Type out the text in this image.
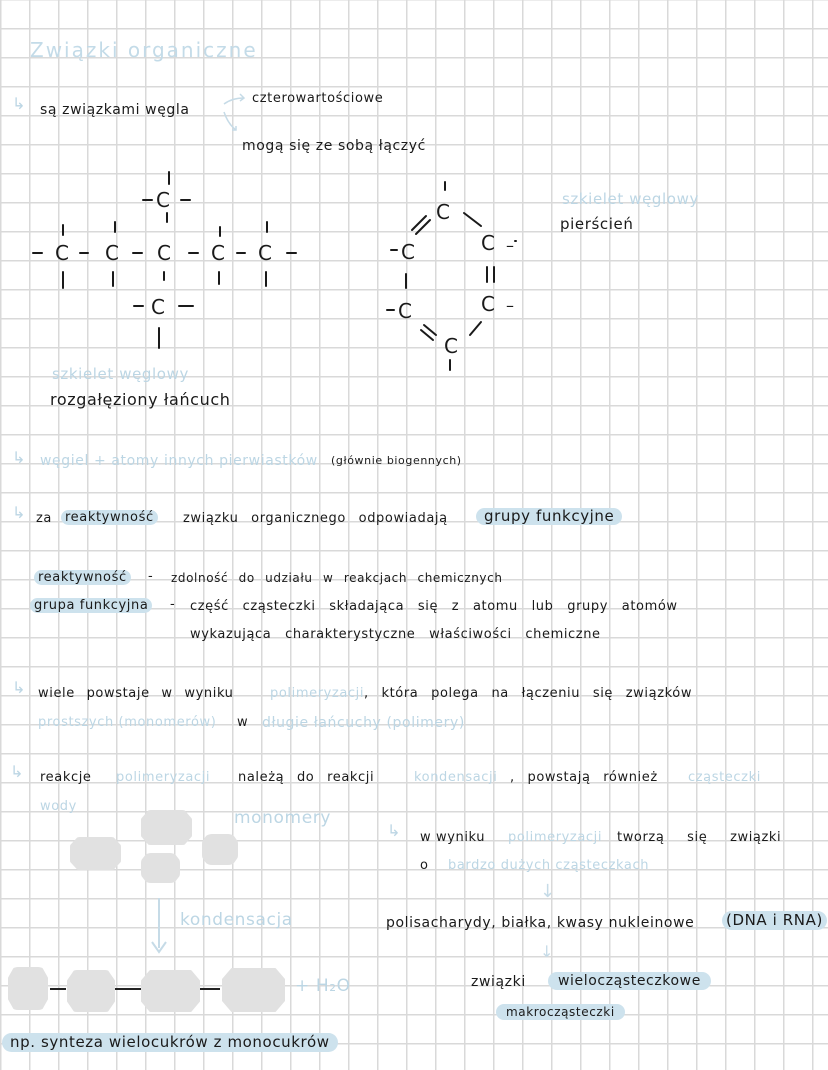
Związki organiczne
↳ są związkami węgla
czterowartościowe
mogą się ze sobą łączyć
C
C C C C C
C
szkielet węglowy
rozgałęziony łańcuch
C
C –
C
C –
C
C
szkielet węglowy
pierścień
↳ węgiel + atomy innych pierwiastków (głównie biogennych)
↳ za	reaktywność	związku organicznego odpowiadają	grupy funkcyjne
reaktywność	- zdolność do udziału w reakcjach chemicznych
grupa funkcyjna	- część cząsteczki składająca się z atomu lub grupy atomów
wykazująca charakterystyczne właściwości chemiczne
↳ wiele powstaje w wyniku	polimeryzacji , która polega na łączeniu się związków
prostszych (monomerów) w długie łańcuchy (polimery)
↳ reakcje polimeryzacji należą do reakcji	kondensacji , powstają również cząsteczki
wody
monomery
kondensacja
+ H₂O
np. synteza wielocukrów z monocukrów
↳ w wyniku polimeryzacji tworzą się związki
o bardzo dużych cząsteczkach
↓
polisacharydy, białka, kwasy nukleinowe (DNA i RNA)
↓
związki	wielocząsteczkowe
makrocząsteczki
